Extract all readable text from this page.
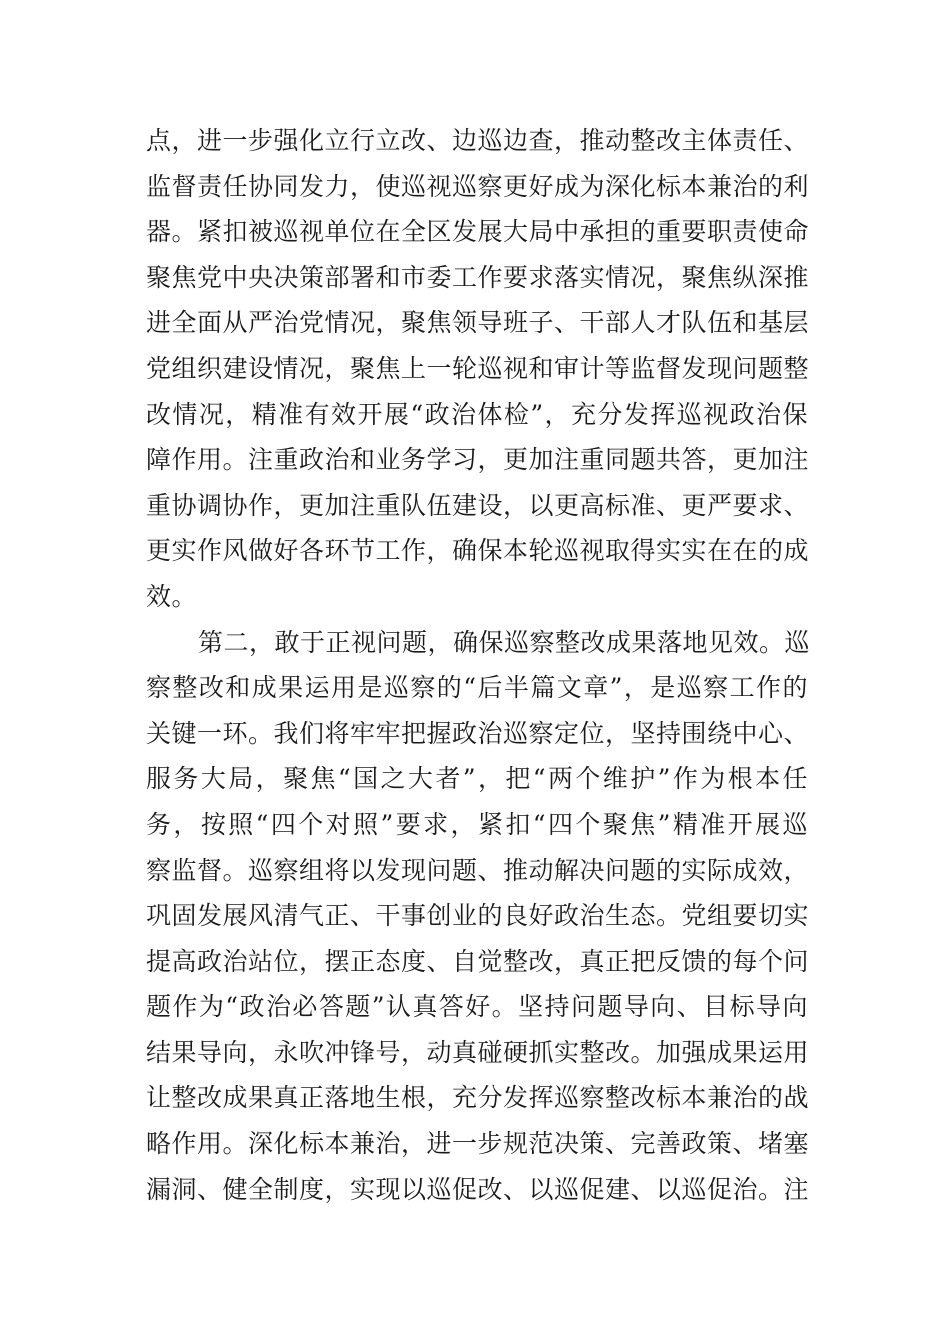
点，进一步强化立行立改、边巡边查，推动整改主体责任、
监督责任协同发力，使巡视巡察更好成为深化标本兼治的利
器。紧扣被巡视单位在全区发展大局中承担的重要职责使命
聚焦党中央决策部署和市委工作要求落实情况，聚焦纵深推
进全面从严治党情况，聚焦领导班子、干部人才队伍和基层
党组织建设情况，聚焦上一轮巡视和审计等监督发现问题整
改情况，精准有效开展“政治体检”，充分发挥巡视政治保
障作用。注重政治和业务学习，更加注重同题共答，更加注
重协调协作，更加注重队伍建设，以更高标准、更严要求、
更实作风做好各环节工作，确保本轮巡视取得实实在在的成
效。
第二，敢于正视问题，确保巡察整改成果落地见效。巡
察整改和成果运用是巡察的“后半篇文章”，是巡察工作的
关键一环。我们将牢牢把握政治巡察定位，坚持围绕中心、
服务大局，聚焦“国之大者”，把“两个维护”作为根本任
务，按照“四个对照”要求，紧扣“四个聚焦”精准开展巡
察监督。巡察组将以发现问题、推动解决问题的实际成效，
巩固发展风清气正、干事创业的良好政治生态。党组要切实
提高政治站位，摆正态度、自觉整改，真正把反馈的每个问
题作为“政治必答题”认真答好。坚持问题导向、目标导向
结果导向，永吹冲锋号，动真碰硬抓实整改。加强成果运用
让整改成果真正落地生根，充分发挥巡察整改标本兼治的战
略作用。深化标本兼治，进一步规范决策、完善政策、堵塞
漏洞、健全制度，实现以巡促改、以巡促建、以巡促治。注
